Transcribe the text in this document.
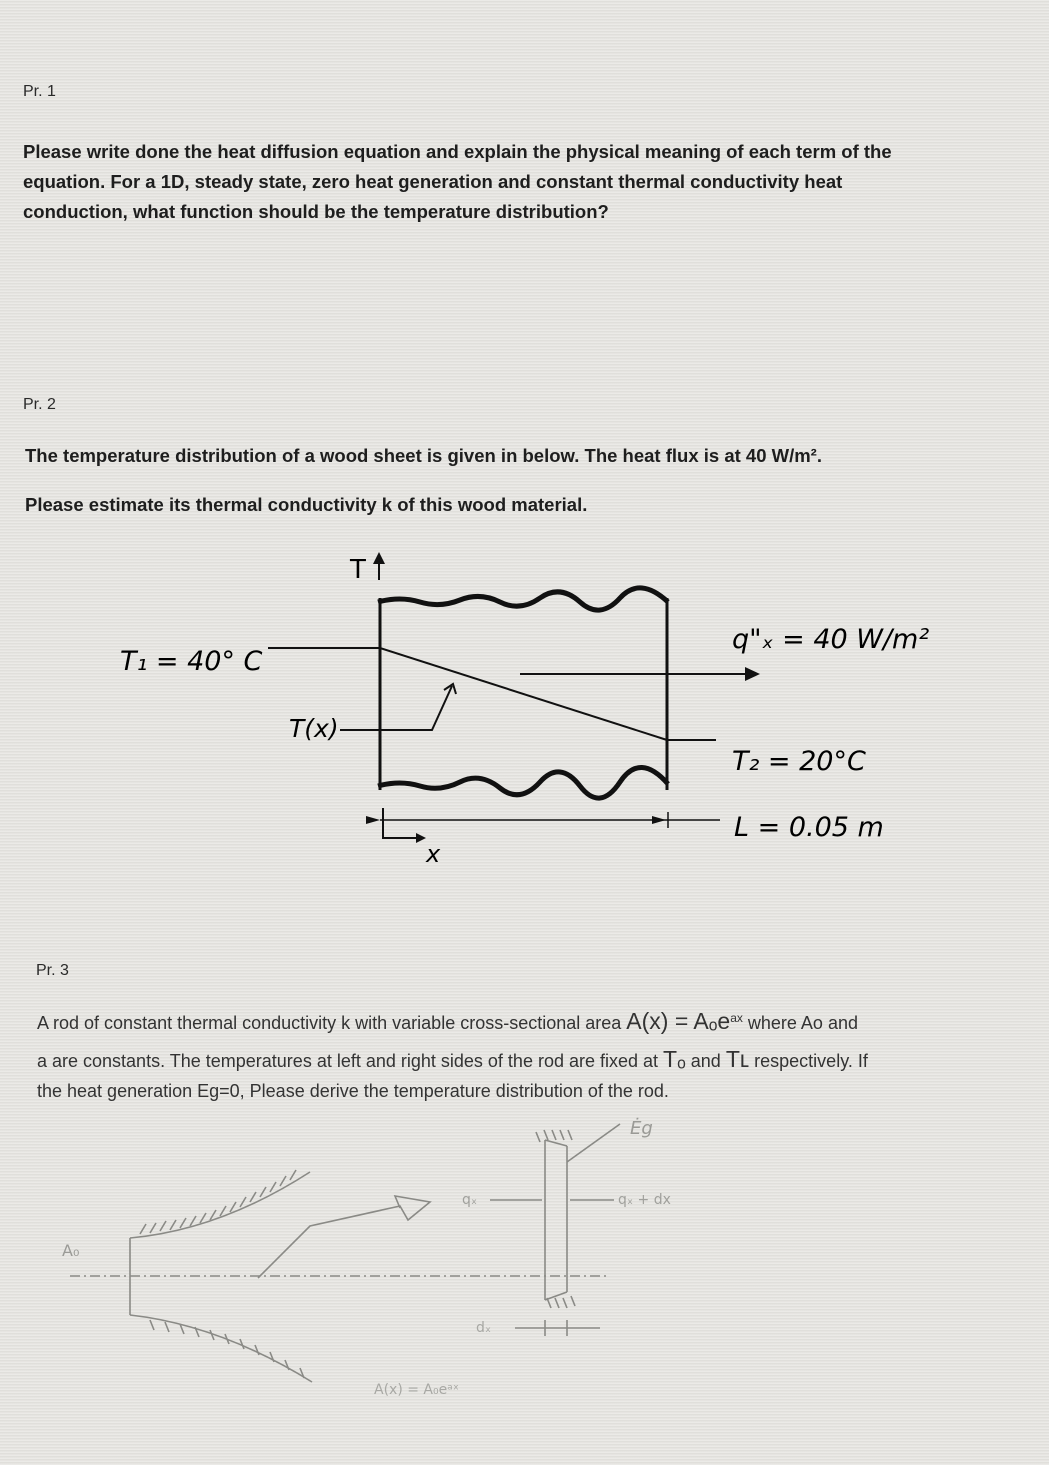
Pr. 1
Please write done the heat diffusion equation and explain the physical meaning of each term of the
equation. For a 1D, steady state, zero heat generation and constant thermal conductivity heat
conduction, what function should be the temperature distribution?
Pr. 2
The temperature distribution of a wood sheet is given in below. The heat flux is at 40 W/m².
Please estimate its thermal conductivity k of this wood material.
T
T₁ = 40° C
T(x)
q"ₓ = 40 W/m²
T₂ = 20°C
L = 0.05 m
x
Pr. 3
A rod of constant thermal conductivity k with variable cross-sectional area A(x) = Aₒe$^{ax}$ where Ao and
a are constants. The temperatures at left and right sides of the rod are fixed at Tₒ and Tʟ respectively. If
the heat generation Eg=0, Please derive the temperature distribution of the rod.
A₀
A(x) = A₀eᵃˣ
qₓ	qₓ + dx
Ėg
dₓ
